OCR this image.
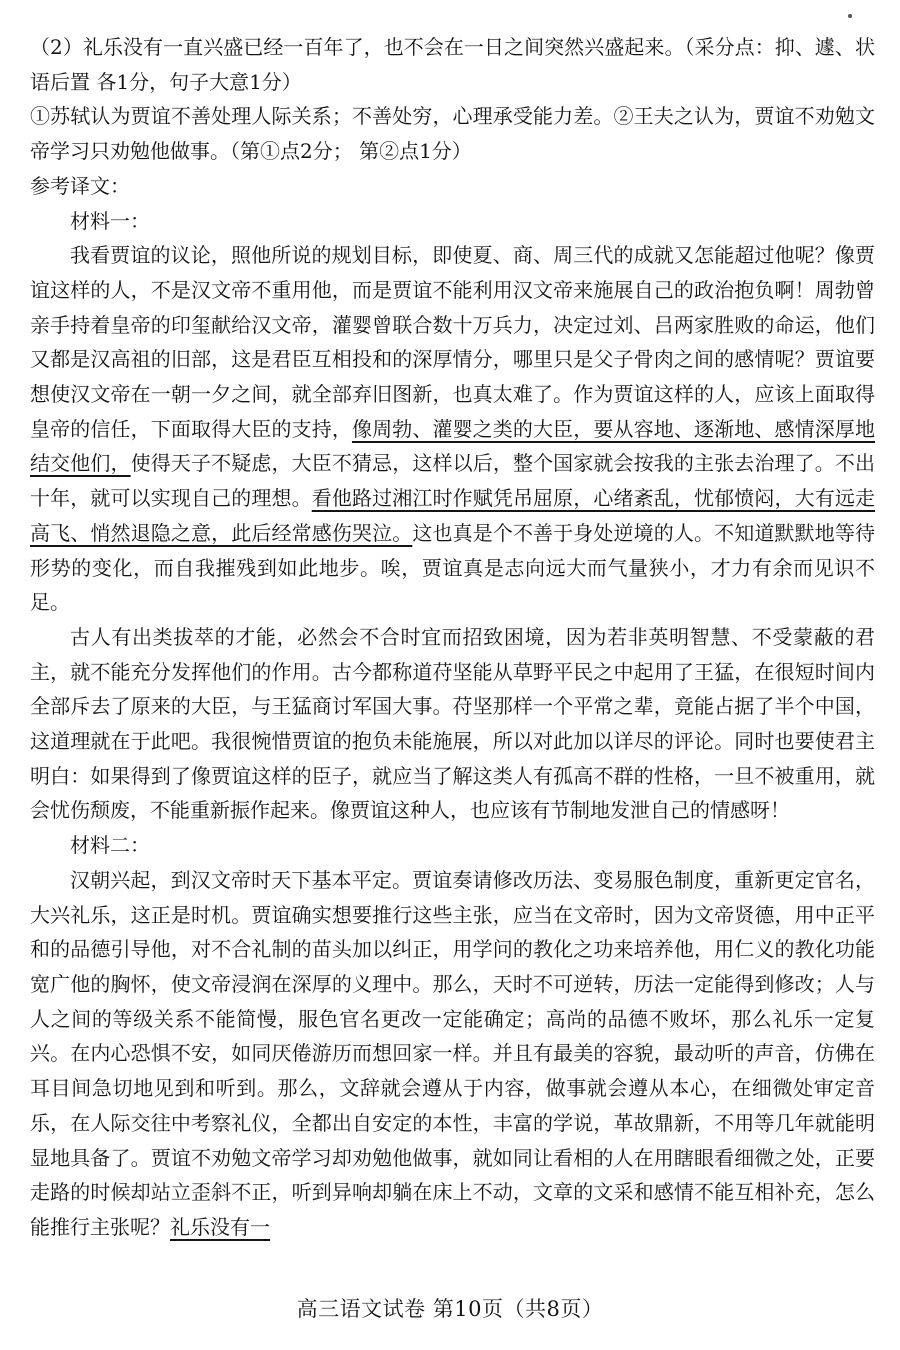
（2）礼乐没有一直兴盛已经一百年了，也不会在一日之间突然兴盛起来。（采分点：抑、遽、状语后置 各1分，句子大意1分）

①苏轼认为贾谊不善处理人际关系；不善处穷，心理承受能力差。②王夫之认为，贾谊不劝勉文帝学习只劝勉他做事。（第①点2分； 第②点1分）

参考译文：

材料一：

我看贾谊的议论，照他所说的规划目标，即使夏、商、周三代的成就又怎能超过他呢？像贾谊这样的人，不是汉文帝不重用他，而是贾谊不能利用汉文帝来施展自己的政治抱负啊！周勃曾亲手持着皇帝的印玺献给汉文帝，灌婴曾联合数十万兵力，决定过刘、吕两家胜败的命运，他们又都是汉高祖的旧部，这是君臣互相投和的深厚情分，哪里只是父子骨肉之间的感情呢？贾谊要想使汉文帝在一朝一夕之间，就全部弃旧图新，也真太难了。作为贾谊这样的人，应该上面取得皇帝的信任，下面取得大臣的支持，像周勃、灌婴之类的大臣，要从容地、逐渐地、感情深厚地结交他们，使得天子不疑虑，大臣不猜忌，这样以后，整个国家就会按我的主张去治理了。不出十年，就可以实现自己的理想。看他路过湘江时作赋凭吊屈原，心绪紊乱，忧郁愤闷，大有远走高飞、悄然退隐之意，此后经常感伤哭泣。这也真是个不善于身处逆境的人。不知道默默地等待形势的变化，而自我摧残到如此地步。唉，贾谊真是志向远大而气量狭小，才力有余而见识不足。

古人有出类拔萃的才能，必然会不合时宜而招致困境，因为若非英明智慧、不受蒙蔽的君主，就不能充分发挥他们的作用。古今都称道苻坚能从草野平民之中起用了王猛，在很短时间内全部斥去了原来的大臣，与王猛商讨军国大事。苻坚那样一个平常之辈，竟能占据了半个中国，这道理就在于此吧。我很惋惜贾谊的抱负未能施展，所以对此加以详尽的评论。同时也要使君主明白：如果得到了像贾谊这样的臣子，就应当了解这类人有孤高不群的性格，一旦不被重用，就会忧伤颓废，不能重新振作起来。像贾谊这种人，也应该有节制地发泄自己的情感呀！

材料二：

汉朝兴起，到汉文帝时天下基本平定。贾谊奏请修改历法、变易服色制度，重新更定官名，大兴礼乐，这正是时机。贾谊确实想要推行这些主张，应当在文帝时，因为文帝贤德，用中正平和的品德引导他，对不合礼制的苗头加以纠正，用学问的教化之功来培养他，用仁义的教化功能宽广他的胸怀，使文帝浸润在深厚的义理中。那么，天时不可逆转，历法一定能得到修改；人与人之间的等级关系不能简慢，服色官名更改一定能确定；高尚的品德不败坏，那么礼乐一定复兴。在内心恐惧不安，如同厌倦游历而想回家一样。并且有最美的容貌，最动听的声音，仿佛在耳目间急切地见到和听到。那么，文辞就会遵从于内容，做事就会遵从本心，在细微处审定音乐，在人际交往中考察礼仪，全都出自安定的本性，丰富的学说，革故鼎新，不用等几年就能明显地具备了。贾谊不劝勉文帝学习却劝勉他做事，就如同让看相的人在用瞎眼看细微之处，正要走路的时候却站立歪斜不正，听到异响却躺在床上不动，文章的文采和感情不能互相补充，怎么能推行主张呢？礼乐没有一

高三语文试卷 第10页（共8页）
